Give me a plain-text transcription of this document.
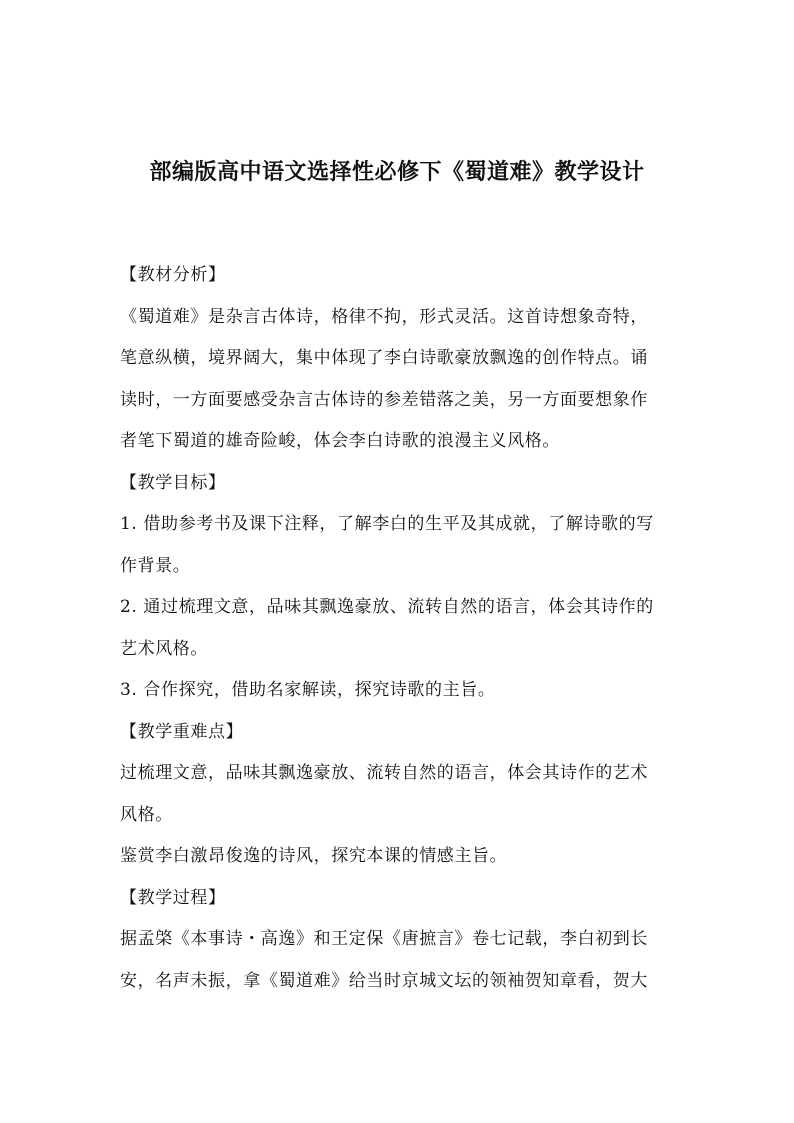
部编版高中语文选择性必修下《蜀道难》教学设计
【教材分析】
《蜀道难》是杂言古体诗，格律不拘，形式灵活。这首诗想象奇特，
笔意纵横，境界阔大，集中体现了李白诗歌豪放飘逸的创作特点。诵
读时，一方面要感受杂言古体诗的参差错落之美，另一方面要想象作
者笔下蜀道的雄奇险峻，体会李白诗歌的浪漫主义风格。
【教学目标】
1. 借助参考书及课下注释，了解李白的生平及其成就，了解诗歌的写
作背景。
2. 通过梳理文意，品味其飘逸豪放、流转自然的语言，体会其诗作的
艺术风格。
3. 合作探究，借助名家解读，探究诗歌的主旨。
【教学重难点】
过梳理文意，品味其飘逸豪放、流转自然的语言，体会其诗作的艺术
风格。
鉴赏李白激昂俊逸的诗风，探究本课的情感主旨。
【教学过程】
据孟棨《本事诗・高逸》和王定保《唐摭言》卷七记载，李白初到长
安，名声未振，拿《蜀道难》给当时京城文坛的领袖贺知章看，贺大
